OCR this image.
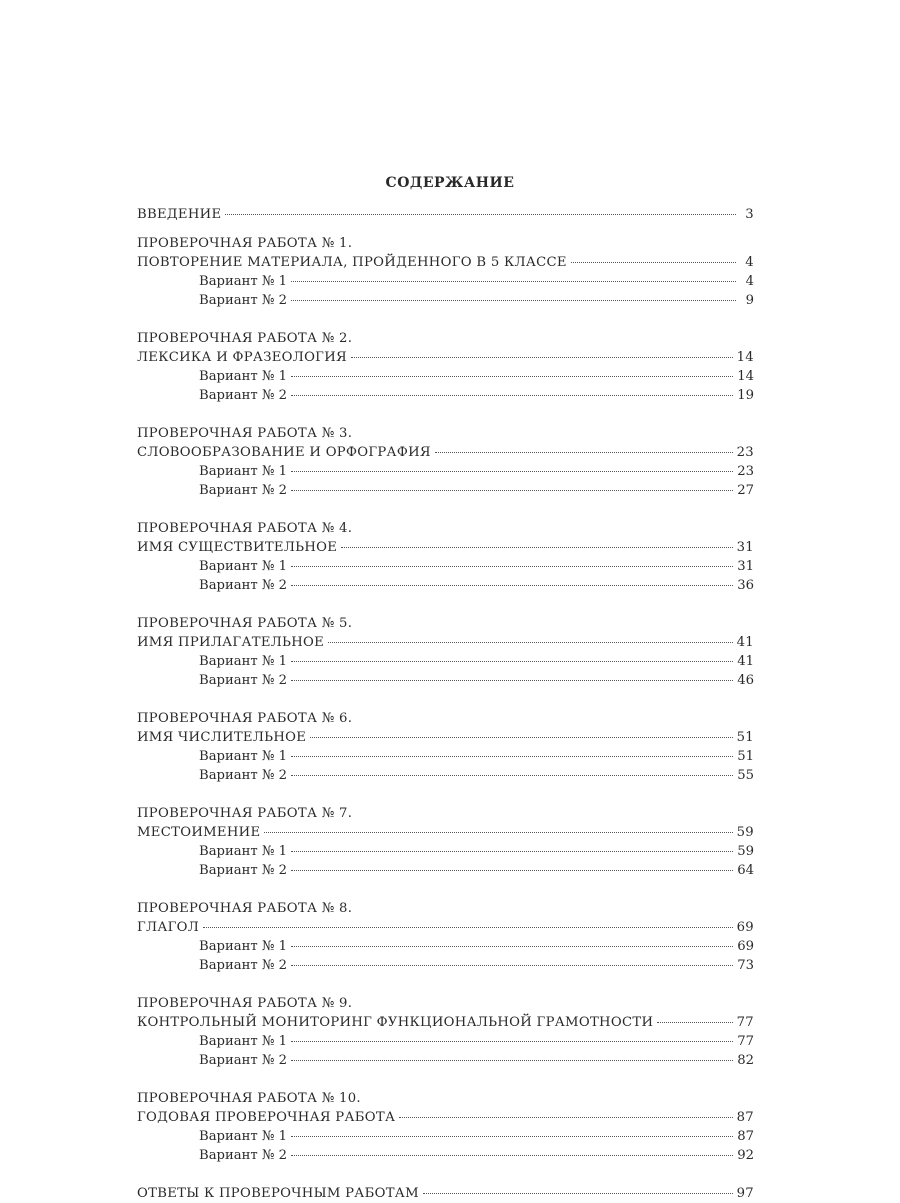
СОДЕРЖАНИЕ
ВВЕДЕНИЕ	3
ПРОВЕРОЧНАЯ РАБОТА № 1.
ПОВТОРЕНИЕ МАТЕРИАЛА, ПРОЙДЕННОГО В 5 КЛАССЕ	4
Вариант № 1	4
Вариант № 2	9
ПРОВЕРОЧНАЯ РАБОТА № 2.
ЛЕКСИКА И ФРАЗЕОЛОГИЯ	14
Вариант № 1	14
Вариант № 2	19
ПРОВЕРОЧНАЯ РАБОТА № 3.
СЛОВООБРАЗОВАНИЕ И ОРФОГРАФИЯ	23
Вариант № 1	23
Вариант № 2	27
ПРОВЕРОЧНАЯ РАБОТА № 4.
ИМЯ СУЩЕСТВИТЕЛЬНОЕ	31
Вариант № 1	31
Вариант № 2	36
ПРОВЕРОЧНАЯ РАБОТА № 5.
ИМЯ ПРИЛАГАТЕЛЬНОЕ	41
Вариант № 1	41
Вариант № 2	46
ПРОВЕРОЧНАЯ РАБОТА № 6.
ИМЯ ЧИСЛИТЕЛЬНОЕ	51
Вариант № 1	51
Вариант № 2	55
ПРОВЕРОЧНАЯ РАБОТА № 7.
МЕСТОИМЕНИЕ	59
Вариант № 1	59
Вариант № 2	64
ПРОВЕРОЧНАЯ РАБОТА № 8.
ГЛАГОЛ	69
Вариант № 1	69
Вариант № 2	73
ПРОВЕРОЧНАЯ РАБОТА № 9.
КОНТРОЛЬНЫЙ МОНИТОРИНГ ФУНКЦИОНАЛЬНОЙ ГРАМОТНОСТИ	77
Вариант № 1	77
Вариант № 2	82
ПРОВЕРОЧНАЯ РАБОТА № 10.
ГОДОВАЯ ПРОВЕРОЧНАЯ РАБОТА	87
Вариант № 1	87
Вариант № 2	92
ОТВЕТЫ К ПРОВЕРОЧНЫМ РАБОТАМ	97
